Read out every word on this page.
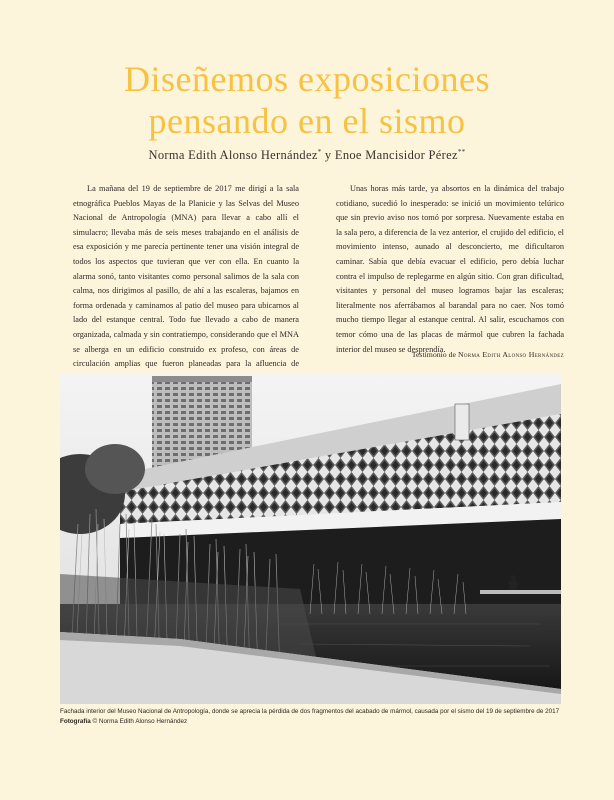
Diseñemos exposiciones
pensando en el sismo
Norma Edith Alonso Hernández* y Enoe Mancisidor Pérez**

La mañana del 19 de septiembre de 2017 me dirigí a la sala etnográfica Pueblos Mayas de la Planicie y las Selvas del Museo Nacional de Antropología (MNA) para llevar a cabo allí el simulacro; llevaba más de seis meses trabajando en el análisis de esa exposición y me parecía pertinente tener una visión integral de todos los aspectos que tuvieran que ver con ella. En cuanto la alarma sonó, tanto visitantes como personal salimos de la sala con calma, nos dirigimos al pasillo, de ahí a las escaleras, bajamos en forma ordenada y caminamos al patio del museo para ubicarnos al lado del estanque central. Todo fue llevado a cabo de manera organizada, calmada y sin contratiempo, considerando que el MNA se alberga en un edificio construido ex profeso, con áreas de circulación amplias que fueron planeadas para la afluencia de

Unas horas más tarde, ya absortos en la dinámica del trabajo cotidiano, sucedió lo inesperado: se inició un movimiento telúrico que sin previo aviso nos tomó por sorpresa. Nuevamente estaba en la sala pero, a diferencia de la vez anterior, el crujido del edificio, el movimiento intenso, aunado al desconcierto, me dificultaron caminar. Sabía que debía evacuar el edificio, pero debía luchar contra el impulso de replegarme en algún sitio. Con gran dificultad, visitantes y personal del museo logramos bajar las escaleras; literalmente nos aferrábamos al barandal para no caer. Nos tomó mucho tiempo llegar al estanque central. Al salir, escuchamos con temor cómo una de las placas de mármol que cubren la fachada interior del museo se desprendía.

Testimonio de Norma Edith Alonso Hernández
Fachada interior del Museo Nacional de Antropología, donde se aprecia la pérdida de dos fragmentos del acabado de mármol, causada por el sismo del 19 de septiembre de 2017
Fotografía © Norma Edith Alonso Hernández
